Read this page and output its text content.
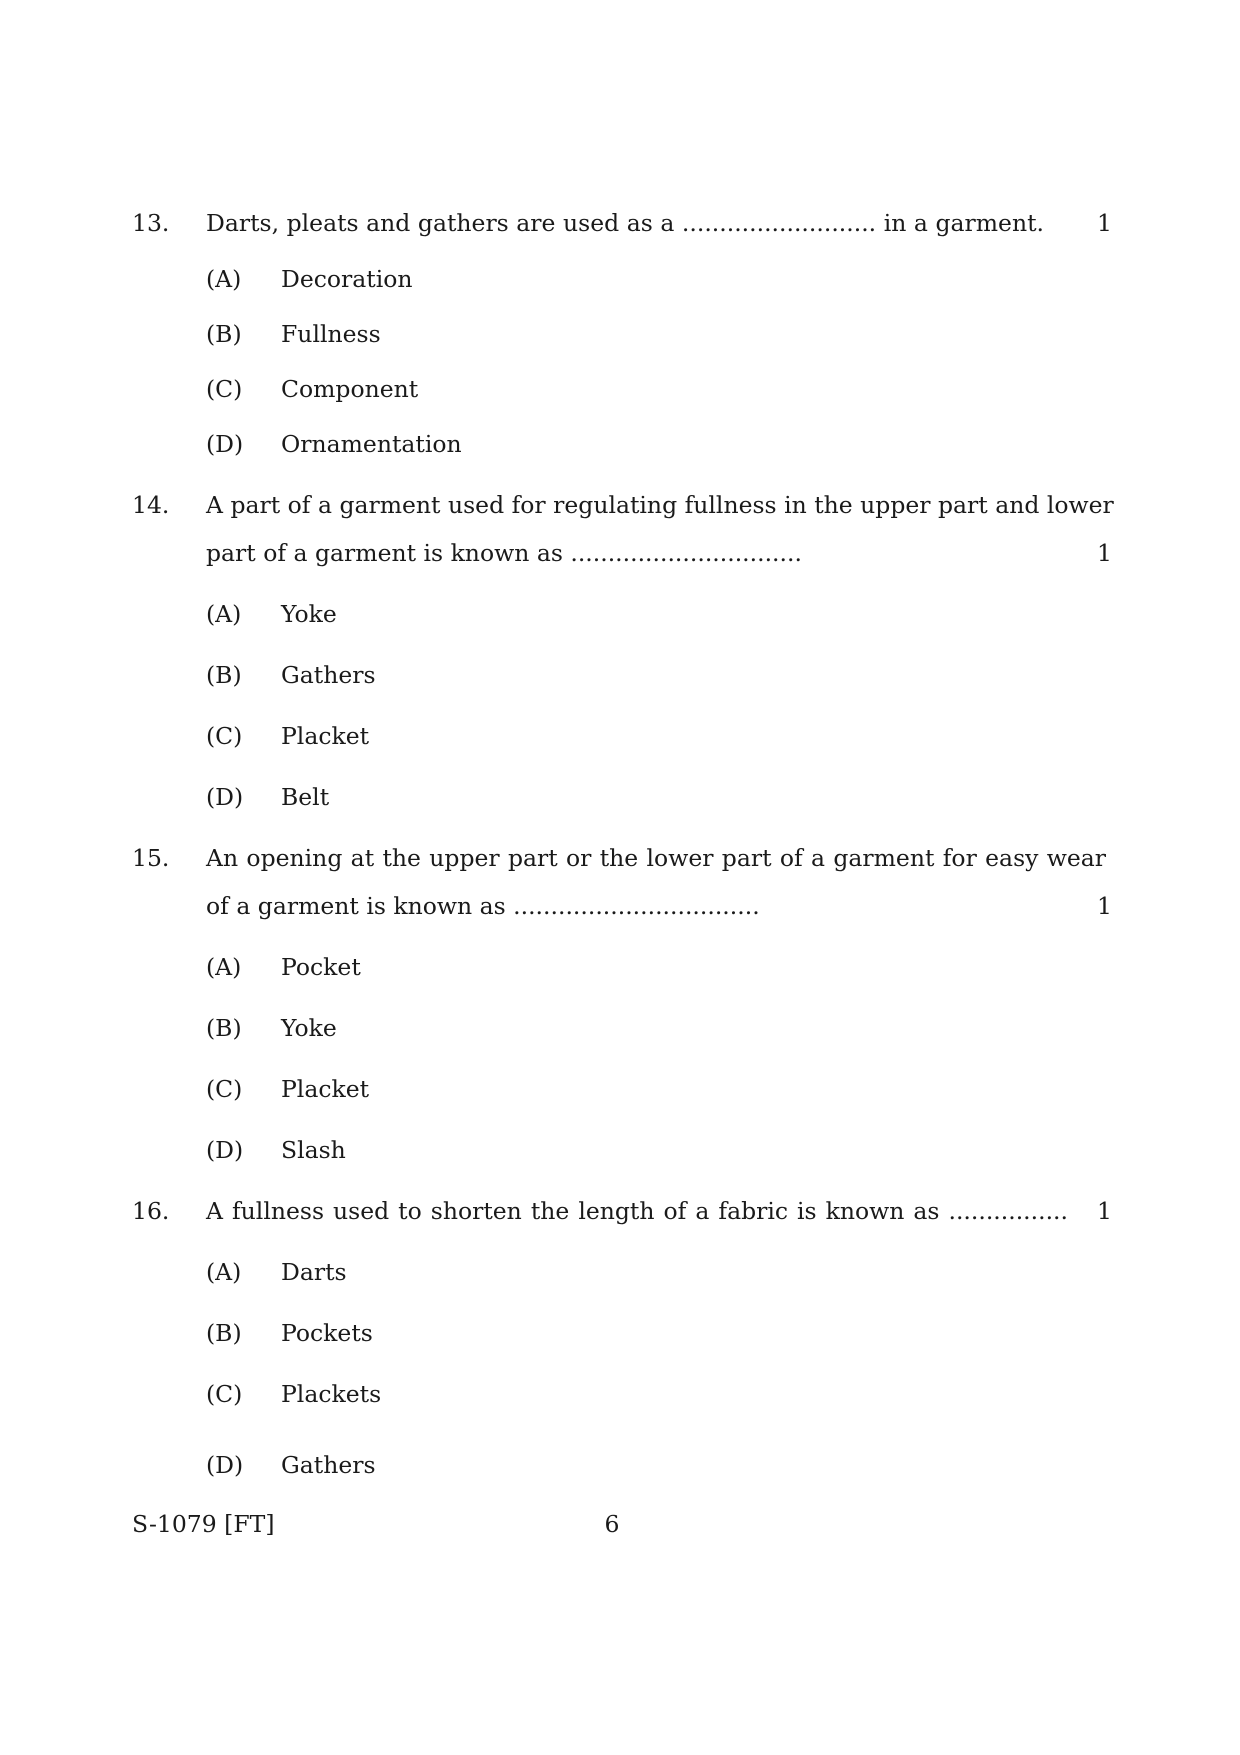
13. Darts, pleats and gathers are used as a .......................... in a garment. 1
(A) Decoration
(B) Fullness
(C) Component
(D) Ornamentation
14. A part of a garment used for regulating fullness in the upper part and lower
part of a garment is known as ...............................	1
(A) Yoke
(B) Gathers
(C) Placket
(D) Belt
15. An opening at the upper part or the lower part of a garment for easy wear
of a garment is known as .................................	1
(A) Pocket
(B) Yoke
(C) Placket
(D) Slash
16. A fullness used to shorten the length of a fabric is known as ................ 1
(A) Darts
(B) Pockets
(C) Plackets
(D) Gathers
S-1079 [FT]	6
